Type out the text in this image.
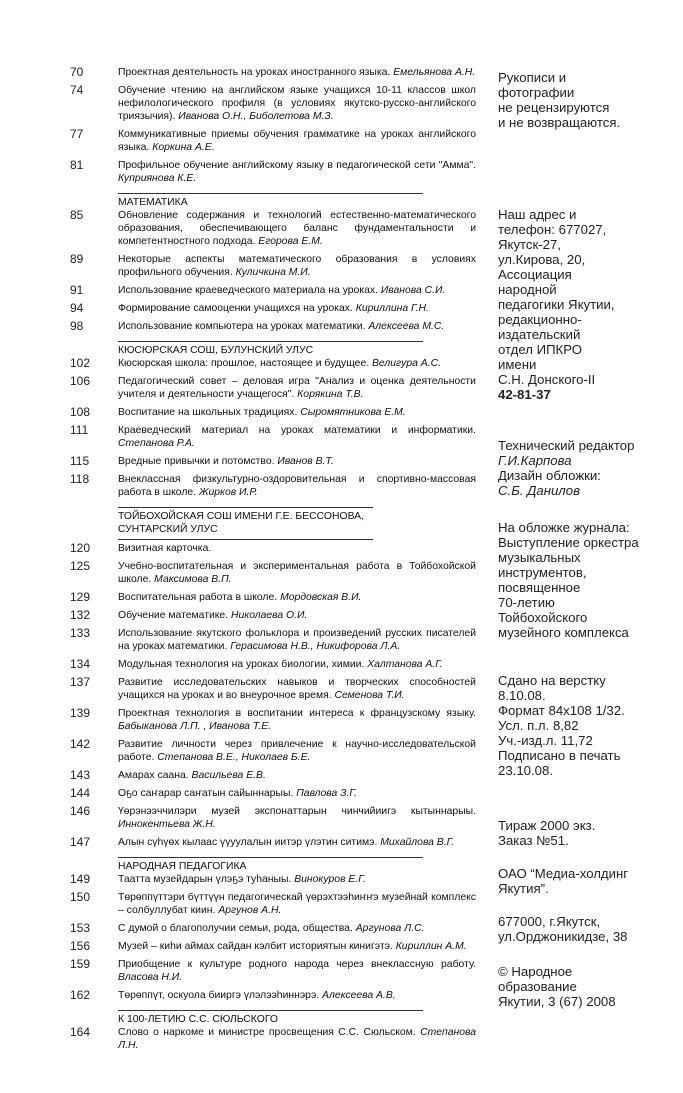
70	Проектная деятельность на уроках иностранного языка. Емельянова А.Н.
74	Обучение чтению на английском языке учащихся 10-11 классов школ нефилологического профиля (в условиях якутско-русско-английского триязычия). Иванова О.Н., Биболетова М.З.
77	Коммуникативные приемы обучения грамматике на уроках английского языка. Коркина А.Е.
81	Профильное обучение английскому языку в педагогической сети "Амма".Куприянова К.Е.
МАТЕМАТИКА
85	Обновление содержания и технологий естественно-математического образования, обеспечивающего баланс фундаментальности и компетентностного подхода. Егорова Е.М.
89	Некоторые аспекты математического образования в условиях профильного обучения. Куличкина М.И.
91	Использование краеведческого материала на уроках. Иванова С.И.
94	Формирование самооценки учащихся на уроках. Кириллина Г.Н.
98	Использование компьютера на уроках математики. Алексеева М.С.
КЮСЮРСКАЯ СОШ, БУЛУНСКИЙ УЛУС
102	Кюсюрская школа: прошлое, настоящее и будущее. Велигура А.С.
106	Педагогический совет – деловая игра "Анализ и оценка деятельности учителя и деятельности учащегося". Корякина Т.В.
108	Воспитание на школьных традициях. Сыромятникова Е.М.
111	Краеведческий материал на уроках математики и информатики.Степанова Р.А.
115	Вредные привычки и потомство. Иванов В.Т.
118	Внеклассная физкультурно-оздоровительная и спортивно-массовая работа в школе. Жирков И.Р.
ТОЙБОХОЙСКАЯ СОШ ИМЕНИ Г.Е. БЕССОНОВА,
СУНТАРСКИЙ УЛУС
120	Визитная карточка.
125	Учебно-воспитательная и экспериментальная работа в Тойбохойской школе. Максимова В.П.
129	Воспитательная работа в школе. Мордовская В.И.
132	Обучение математике. Николаева О.И.
133	Использование якутского фольклора и произведений русских писателей на уроках математики. Герасимова Н.В., Никифорова Л.А.
134	Модульная технология на уроках биологии, химии. Халтанова А.Г.
137	Развитие исследовательских навыков и творческих способностей учащихся на уроках и во внеурочное время. Семенова Т.И.
139	Проектная технология в воспитании интереса к французскому языку.Бабыканова Л.П. , Иванова Т.Е.
142	Развитие личности через привлечение к научно-исследовательской работе. Степанова В.Е., Николаев Б.Е.
143	Амарах саана. Васильева Е.В.
144	Оҕо саҥарар саҥатын сайыннарыы. Павлова З.Г.
146	Үөрэнээччилэри музей экспонаттарын чинчийиигэ кытыннарыы.Иннокентьева Ж.Н.
147	Алын сүһүөх кылаас үүуулалын иитэр үлэтин ситимэ. Михайлова В.Г.
НАРОДНАЯ ПЕДАГОГИКА
149	Таатта музейдарын үлэҕэ туһаныы. Винокуров Е.Г.
150	Төрөппүттэри бүттүүн педагогическай үөрэхтээһиҥҥэ музейнай комплекс – солбуллубат киин. Аргунов А.Н.
153	С думой о благополучии семьи, рода, общества. Аргунова Л.С.
156	Музей – киһи аймах сайдан кэлбит историятын кинигэтэ. Кириллин А.М.
159	Приобщение к культуре родного народа через внеклассную работу.Власова Н.И.
162	Төрөппүт, оскуола бииргэ үлэлээһиннэрэ. Алексеева А.В.
К 100-ЛЕТИЮ С.С. СЮЛЬСКОГО
164	Слово о наркоме и министре просвещения С.С. Сюльском. Степанова Л.Н.
Рукописи и
фотографии
не рецензируются
и не возвращаются.
Наш адрес и
телефон: 677027,
Якутск-27,
ул.Кирова, 20,
Ассоциация
народной
педагогики Якутии,
редакционно-
издательский
отдел ИПКРО
имени
С.Н. Донского-II
42-81-37
Технический редактор
Г.И.Карпова
Дизайн обложки:
С.Б. Данилов
На обложке журнала:
Выступление оркестра
музыкальных
инструментов,
посвященное
70-летию
Тойбохойского
музейного комплекса
Сдано на верстку
8.10.08.
Формат 84х108 1/32.
Усл. п.л. 8,82
Уч.-изд.л. 11,72
Подписано в печать
23.10.08.
Тираж 2000 экз.
Заказ №51.
ОАО “Медиа-холдинг
Якутия”.
677000, г.Якутск,
ул.Орджоникидзе, 38
© Народное
образование
Якутии, 3 (67) 2008
